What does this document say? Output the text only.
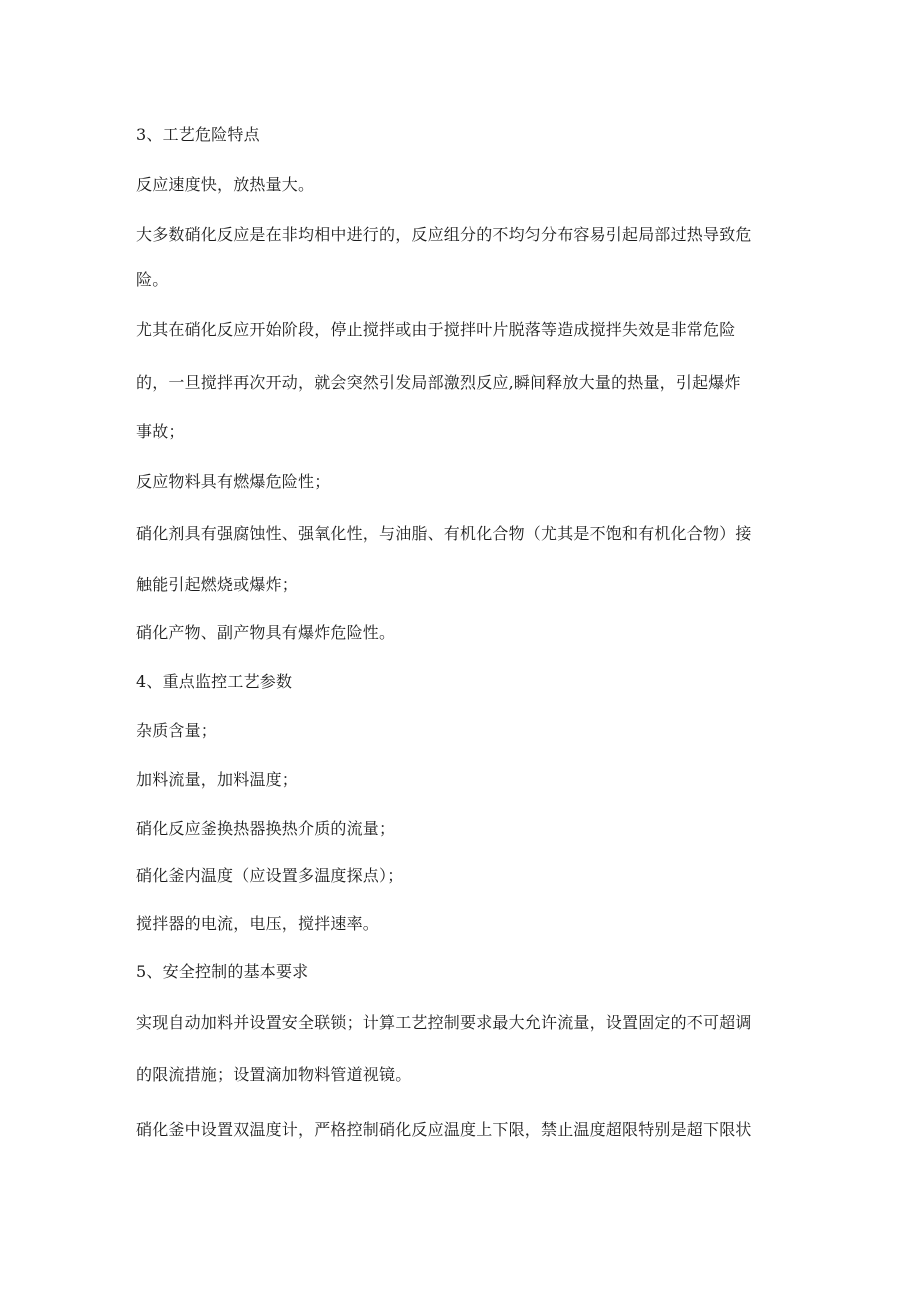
3、工艺危险特点
反应速度快，放热量大。
大多数硝化反应是在非均相中进行的，反应组分的不均匀分布容易引起局部过热导致危
险。
尤其在硝化反应开始阶段，停止搅拌或由于搅拌叶片脱落等造成搅拌失效是非常危险
的，一旦搅拌再次开动，就会突然引发局部激烈反应,瞬间释放大量的热量，引起爆炸
事故；
反应物料具有燃爆危险性；
硝化剂具有强腐蚀性、强氧化性，与油脂、有机化合物（尤其是不饱和有机化合物）接
触能引起燃烧或爆炸；
硝化产物、副产物具有爆炸危险性。
4、重点监控工艺参数
杂质含量；
加料流量，加料温度；
硝化反应釜换热器换热介质的流量；
硝化釜内温度（应设置多温度探点）；
搅拌器的电流，电压，搅拌速率。
5、安全控制的基本要求
实现自动加料并设置安全联锁；计算工艺控制要求最大允许流量，设置固定的不可超调
的限流措施；设置滴加物料管道视镜。
硝化釜中设置双温度计，严格控制硝化反应温度上下限，禁止温度超限特别是超下限状
